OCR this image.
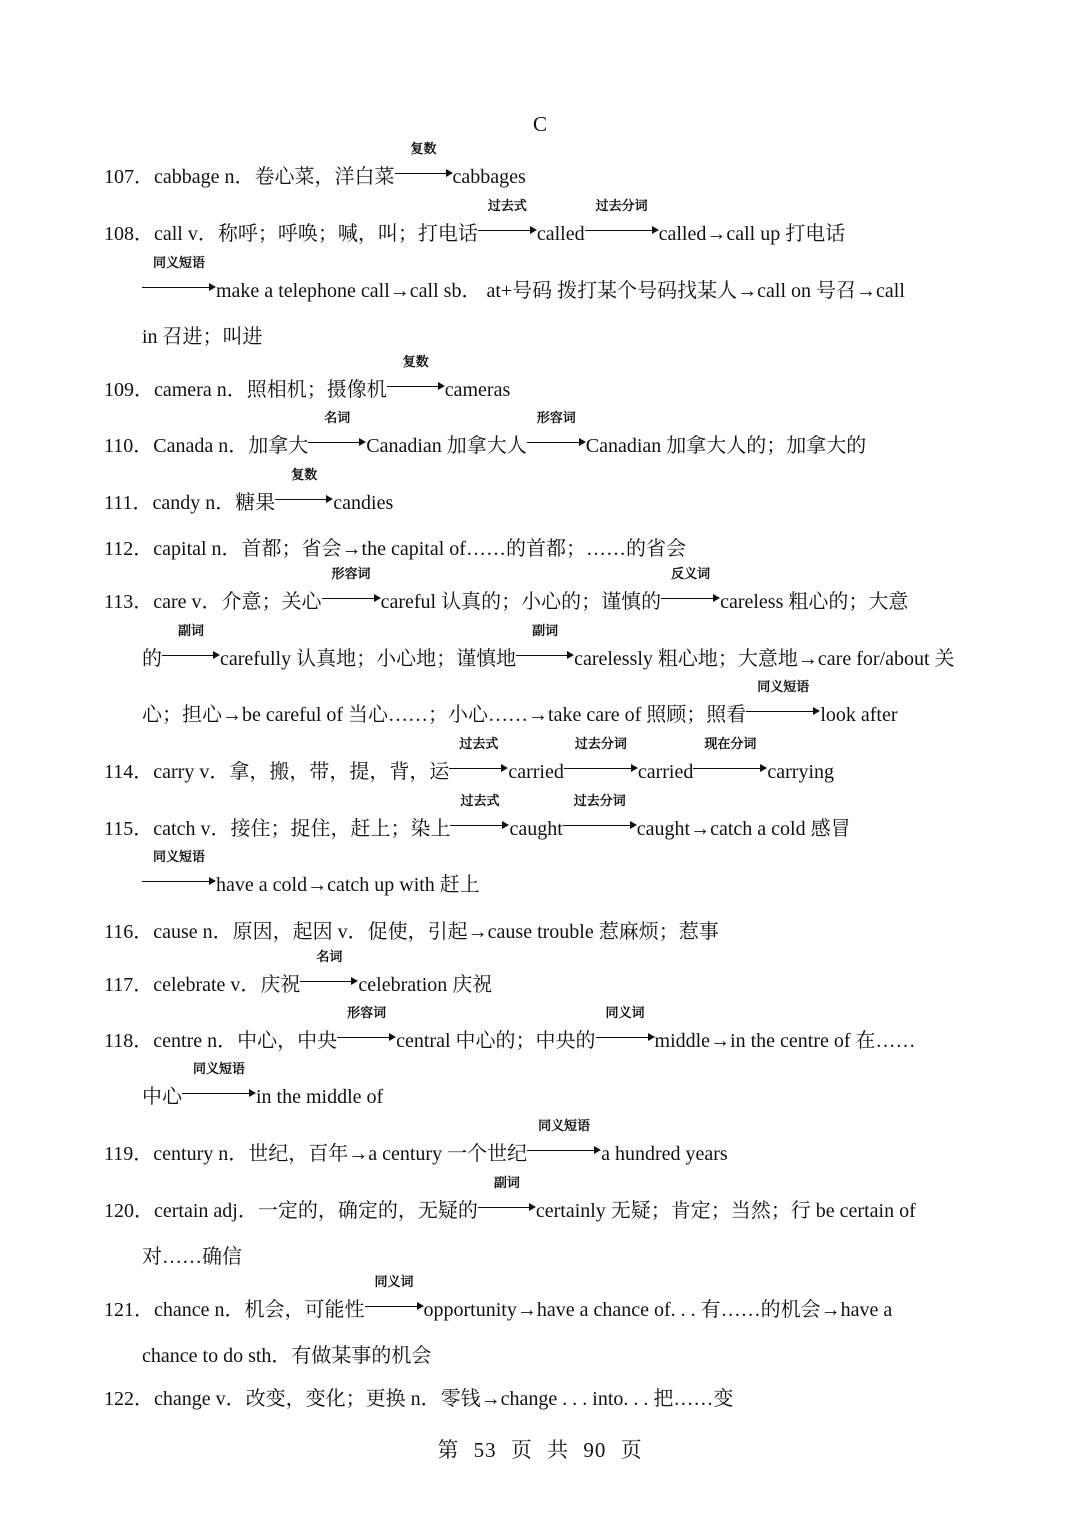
C
107．cabbage n．卷心菜，洋白菜
复数
cabbages
108．call v．称呼；呼唤；喊，叫；打电话
过去式
called
过去分词
called→call up 打电话
同义短语
make a telephone call→call sb． at+号码 拨打某个号码找某人→call on 号召→call
in 召进；叫进
109．camera n．照相机；摄像机
复数
cameras
110．Canada n．加拿大
名词
Canadian 加拿大人
形容词
Canadian 加拿大人的；加拿大的
111．candy n．糖果
复数
candies
112．capital n．首都；省会→the capital of……的首都；……的省会
113．care v．介意；关心
形容词
careful 认真的；小心的；谨慎的
反义词
careless 粗心的；大意
的
副词
carefully 认真地；小心地；谨慎地
副词
carelessly 粗心地；大意地→care for/about 关
心；担心→be careful of 当心……；小心……→take care of 照顾；照看
同义短语
look after
114．carry v．拿，搬，带，提，背，运
过去式
carried
过去分词
carried
现在分词
carrying
115．catch v．接住；捉住，赶上；染上
过去式
caught
过去分词
caught→catch a cold 感冒
同义短语
have a cold→catch up with 赶上
116．cause n．原因，起因 v．促使，引起→cause trouble 惹麻烦；惹事
117．celebrate v．庆祝
名词
celebration 庆祝
118．centre n．中心，中央
形容词
central 中心的；中央的
同义词
middle→in the centre of 在……
中心
同义短语
in the middle of
119．century n．世纪，百年→a century 一个世纪
同义短语
a hundred years
120．certain adj．一定的，确定的，无疑的
副词
certainly 无疑；肯定；当然；行 be certain of
对……确信
121．chance n．机会，可能性
同义词
opportunity→have a chance of. . . 有……的机会→have a
chance to do sth．有做某事的机会
122．change v．改变，变化；更换 n．零钱→change . . . into. . . 把……变
第 53 页 共 90 页
